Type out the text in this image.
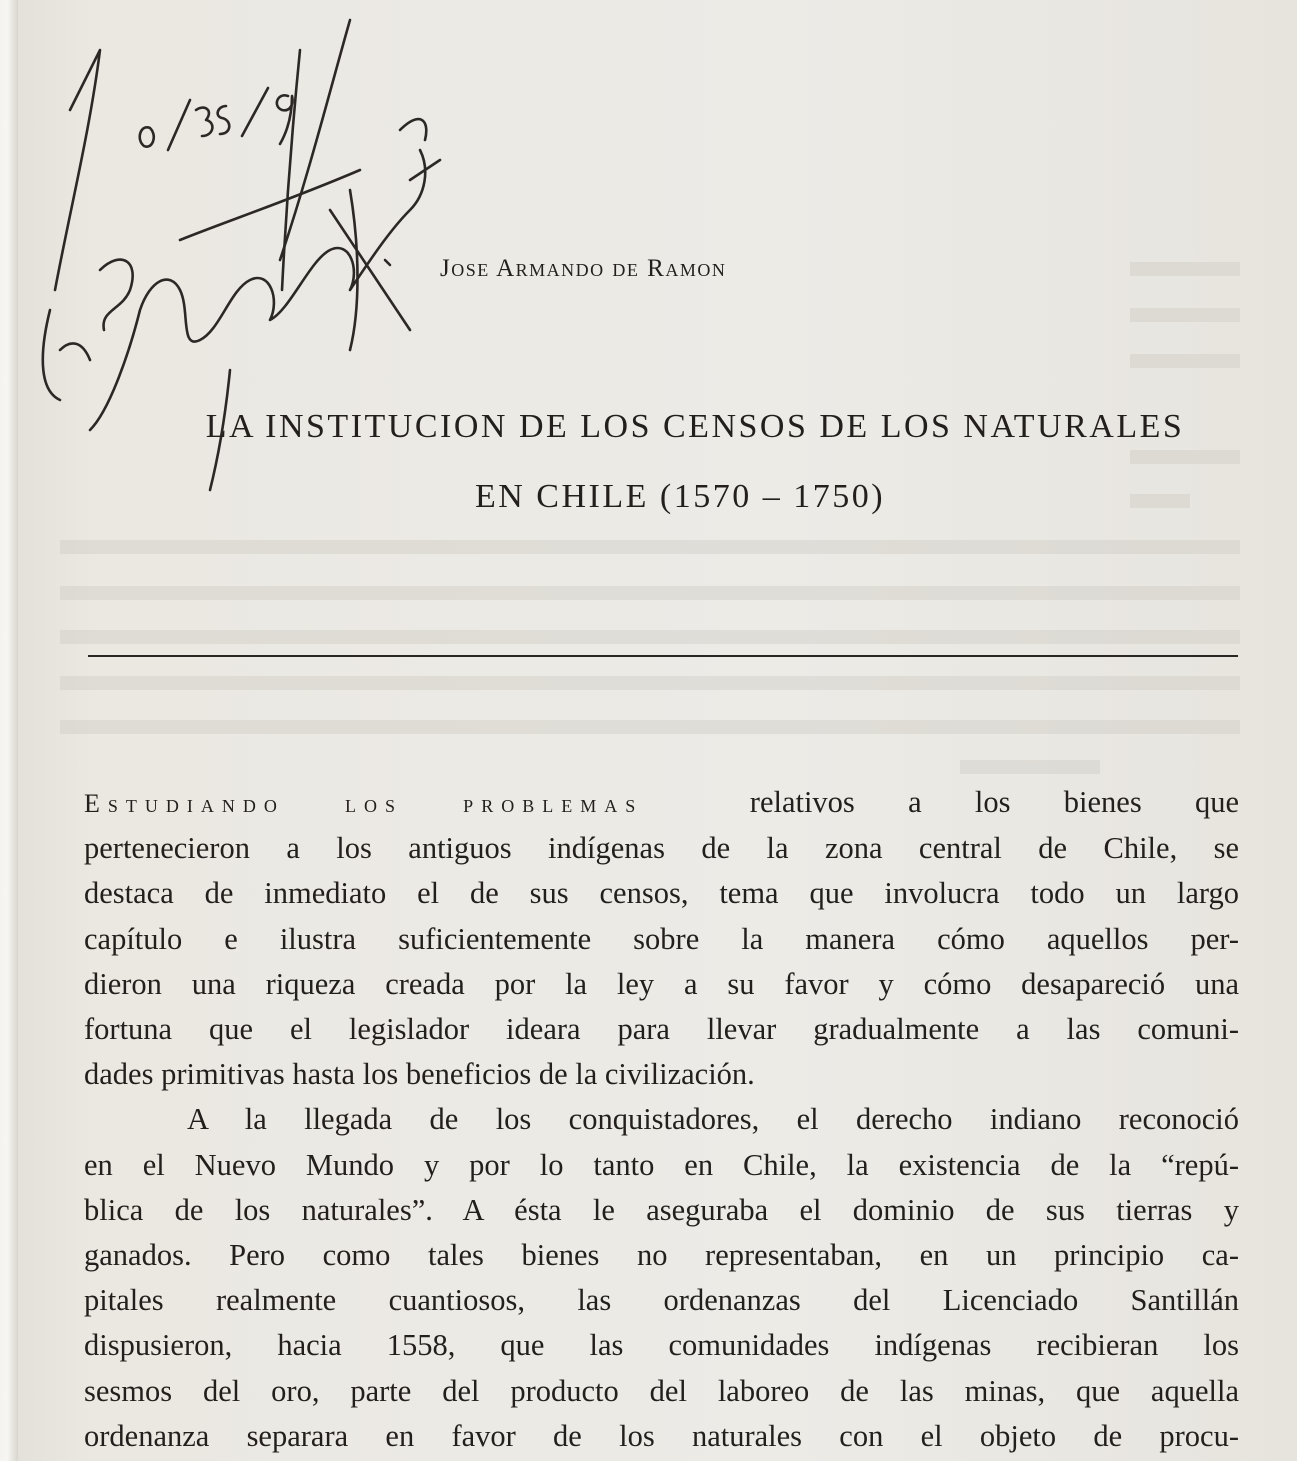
Jose Armando de Ramon
LA INSTITUCION DE LOS CENSOS DE LOS NATURALES
EN CHILE (1570 – 1750)
Estudiando los problemas	relativos a los bienes que
pertenecieron a los antiguos indígenas de la zona central de Chile, se
destaca de inmediato el de sus censos, tema que involucra todo un largo
capítulo e ilustra suficientemente sobre la manera cómo aquellos per-
dieron una riqueza creada por la ley a su favor y cómo desapareció una
fortuna que el legislador ideara para llevar gradualmente a las comuni-
dades primitivas hasta los beneficios de la civilización.
A la llegada de los conquistadores, el derecho indiano reconoció
en el Nuevo Mundo y por lo tanto en Chile, la existencia de la “repú-
blica de los naturales”. A ésta le aseguraba el dominio de sus tierras y
ganados. Pero como tales bienes no representaban, en un principio ca-
pitales realmente cuantiosos, las ordenanzas del Licenciado Santillán
dispusieron, hacia 1558, que las comunidades indígenas recibieran los
sesmos del oro, parte del producto del laboreo de las minas, que aquella
ordenanza separara en favor de los naturales con el objeto de procu-
